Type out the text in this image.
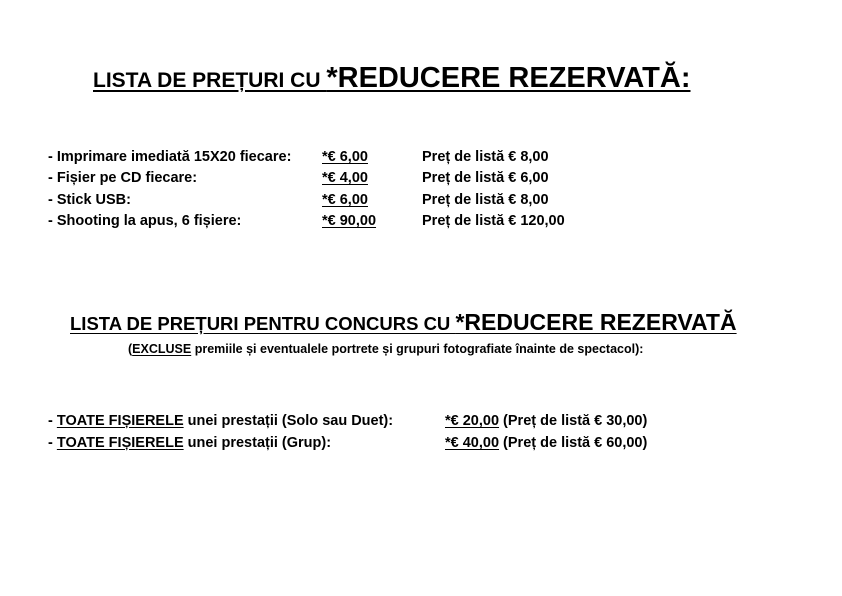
LISTA DE PREȚURI CU *REDUCERE REZERVATĂ:
- Imprimare imediată 15X20 fiecare: *€ 6,00	Preț de listă € 8,00
- Fișier pe CD fiecare:	*€ 4,00	Preț de listă € 6,00
- Stick USB:	*€ 6,00	Preț de listă € 8,00
- Shooting la apus, 6 fișiere:	*€ 90,00	Preț de listă € 120,00
LISTA DE PREȚURI PENTRU CONCURS CU *REDUCERE REZERVATĂ
(EXCLUSE premiile și eventualele portrete și grupuri fotografiate înainte de spectacol):
- TOATE FIȘIERELE unei prestații (Solo sau Duet):	*€ 20,00 (Preț de listă € 30,00)
- TOATE FIȘIERELE unei prestații (Grup):	*€ 40,00 (Preț de listă € 60,00)
